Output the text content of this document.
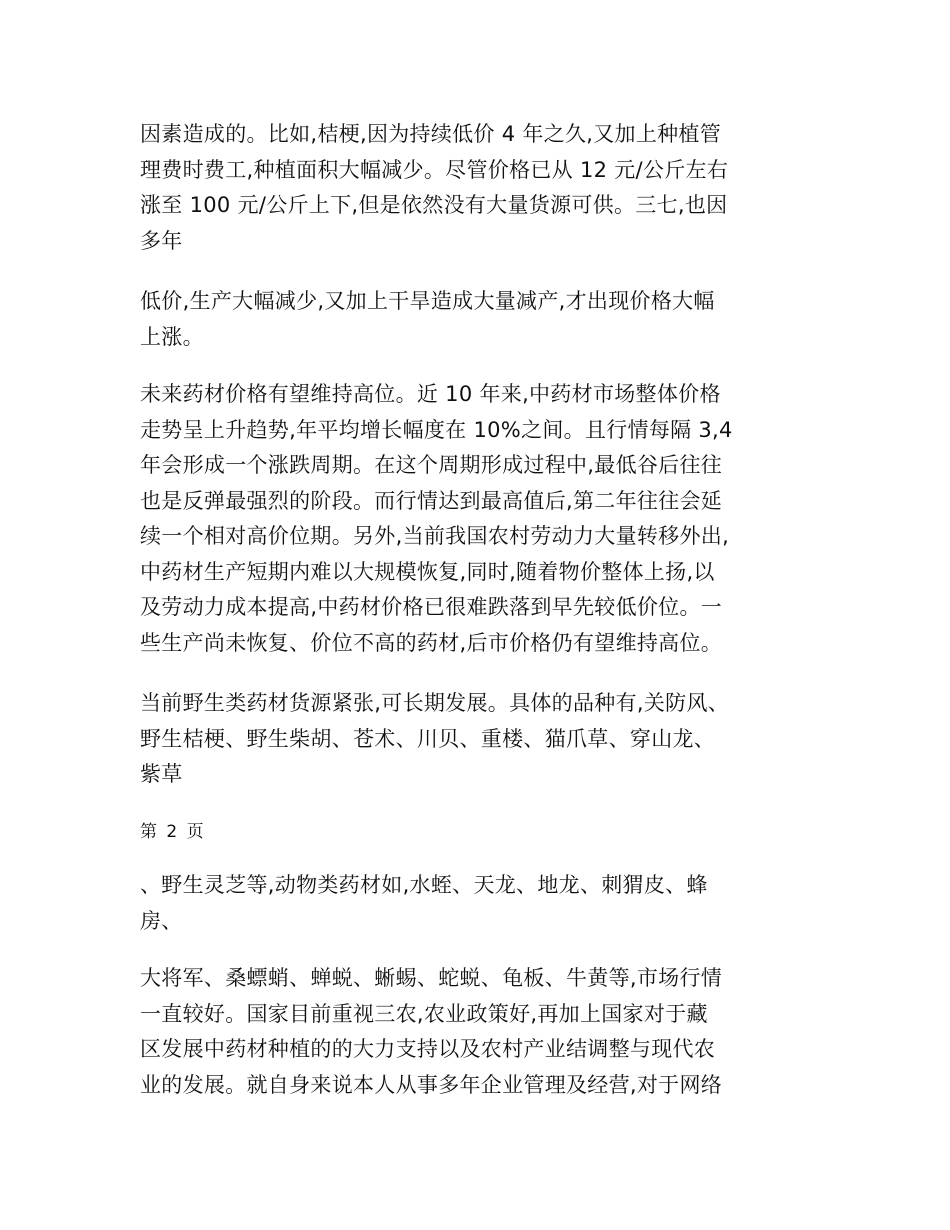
因素造成的。比如,桔梗,因为持续低价 4 年之久,又加上种植管
理费时费工,种植面积大幅减少。尽管价格已从 12 元/公斤左右
涨至 100 元/公斤上下,但是依然没有大量货源可供。三七,也因
多年

低价,生产大幅减少,又加上干旱造成大量减产,才出现价格大幅
上涨。

未来药材价格有望维持高位。近 10 年来,中药材市场整体价格
走势呈上升趋势,年平均增长幅度在 10%之间。且行情每隔 3,4
年会形成一个涨跌周期。在这个周期形成过程中,最低谷后往往
也是反弹最强烈的阶段。而行情达到最高值后,第二年往往会延
续一个相对高价位期。另外,当前我国农村劳动力大量转移外出,
中药材生产短期内难以大规模恢复,同时,随着物价整体上扬,以
及劳动力成本提高,中药材价格已很难跌落到早先较低价位。一
些生产尚未恢复、价位不高的药材,后市价格仍有望维持高位。

当前野生类药材货源紧张,可长期发展。具体的品种有,关防风、
野生桔梗、野生柴胡、苍术、川贝、重楼、猫爪草、穿山龙、
紫草

第 2 页

、野生灵芝等,动物类药材如,水蛭、天龙、地龙、刺猬皮、蜂
房、

大将军、桑螵蛸、蝉蜕、蜥蜴、蛇蜕、龟板、牛黄等,市场行情
一直较好。国家目前重视三农,农业政策好,再加上国家对于藏
区发展中药材种植的的大力支持以及农村产业结调整与现代农
业的发展。就自身来说本人从事多年企业管理及经营,对于网络
